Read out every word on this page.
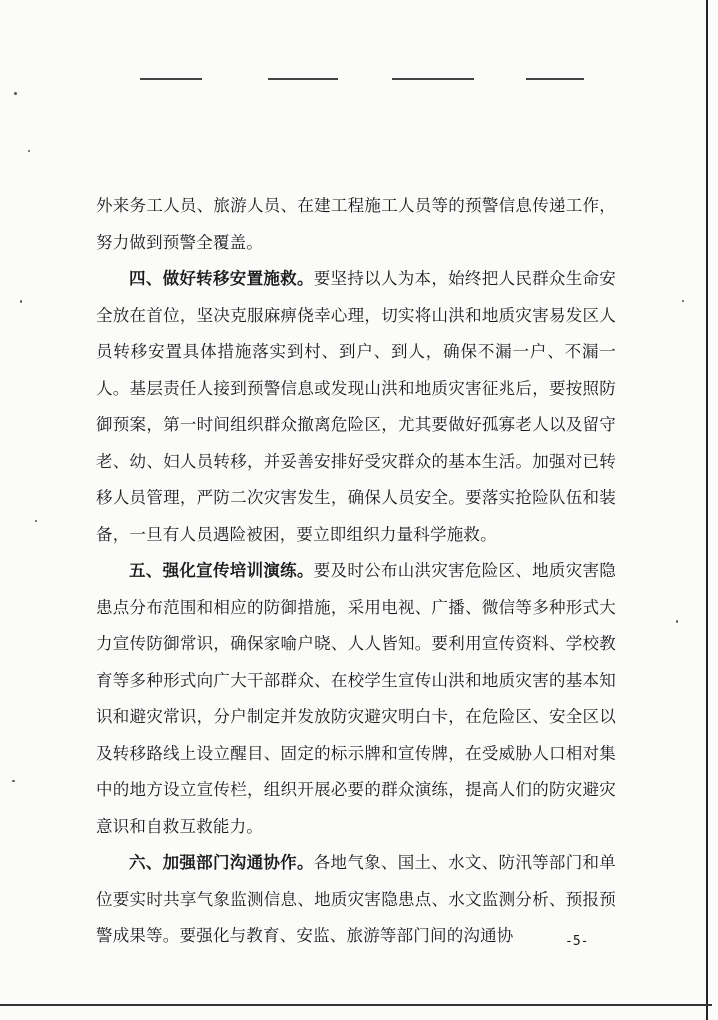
外来务工人员、旅游人员、在建工程施工人员等的预警信息传递工作，努力做到预警全覆盖。

四、做好转移安置施救。要坚持以人为本，始终把人民群众生命安全放在首位，坚决克服麻痹侥幸心理，切实将山洪和地质灾害易发区人员转移安置具体措施落实到村、到户、到人，确保不漏一户、不漏一人。基层责任人接到预警信息或发现山洪和地质灾害征兆后，要按照防御预案，第一时间组织群众撤离危险区，尤其要做好孤寡老人以及留守老、幼、妇人员转移，并妥善安排好受灾群众的基本生活。加强对已转移人员管理，严防二次灾害发生，确保人员安全。要落实抢险队伍和装备，一旦有人员遇险被困，要立即组织力量科学施救。

五、强化宣传培训演练。要及时公布山洪灾害危险区、地质灾害隐患点分布范围和相应的防御措施，采用电视、广播、微信等多种形式大力宣传防御常识，确保家喻户晓、人人皆知。要利用宣传资料、学校教育等多种形式向广大干部群众、在校学生宣传山洪和地质灾害的基本知识和避灾常识，分户制定并发放防灾避灾明白卡，在危险区、安全区以及转移路线上设立醒目、固定的标示牌和宣传牌，在受威胁人口相对集中的地方设立宣传栏，组织开展必要的群众演练，提高人们的防灾避灾意识和自救互救能力。

六、加强部门沟通协作。各地气象、国土、水文、防汛等部门和单位要实时共享气象监测信息、地质灾害隐患点、水文监测分析、预报预警成果等。要强化与教育、安监、旅游等部门间的沟通协	-5-
